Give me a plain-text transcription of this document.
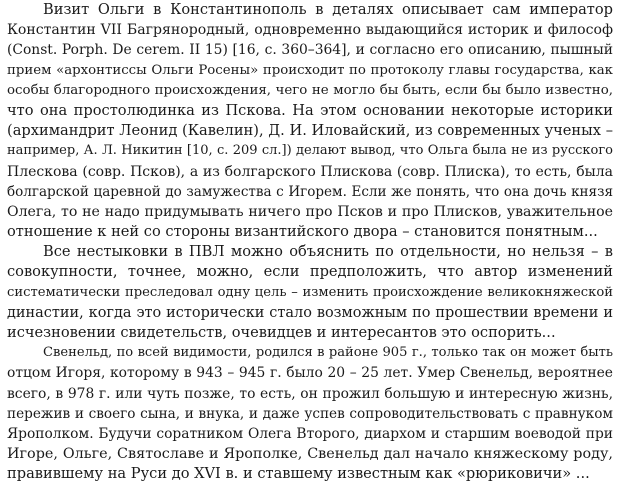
Визит Ольги в Константинополь в деталях описывает сам император
Константин VII Багрянородный, одновременно выдающийся историк и философ
(Const. Porph. De cerem. II 15) [16, с. 360–364], и согласно его описанию, пышный
прием «архонтиссы Ольги Росены» происходит по протоколу главы государства, как
особы благородного происхождения, чего не могло бы быть, если бы было известно,
что она простолюдинка из Пскова. На этом основании некоторые историки
(архимандрит Леонид (Кавелин), Д. И. Иловайский, из современных ученых –
например, А. Л. Никитин [10, с. 209 сл.]) делают вывод, что Ольга была не из русского
Плескова (совр. Псков), а из болгарского Плискова (совр. Плиска), то есть, была
болгарской царевной до замужества с Игорем. Если же понять, что она дочь князя
Олега, то не надо придумывать ничего про Псков и про Плисков, уважительное
отношение к ней со стороны византийского двора – становится понятным...
Все нестыковки в ПВЛ можно объяснить по отдельности, но нельзя – в
совокупности, точнее, можно, если предположить, что автор изменений
систематически преследовал одну цель – изменить происхождение великокняжеской
династии, когда это исторически стало возможным по прошествии времени и
исчезновении свидетельств, очевидцев и интересантов это оспорить...
Свенельд, по всей видимости, родился в районе 905 г., только так он может быть
отцом Игоря, которому в 943 – 945 г. было 20 – 25 лет. Умер Свенельд, вероятнее
всего, в 978 г. или чуть позже, то есть, он прожил большую и интересную жизнь,
пережив и своего сына, и внука, и даже успев сопроводительствовать с правнуком
Ярополком. Будучи соратником Олега Второго, диархом и старшим воеводой при
Игоре, Ольге, Святославе и Ярополке, Свенельд дал начало княжескому роду,
правившему на Руси до XVI в. и ставшему известным как «рюриковичи» ...
